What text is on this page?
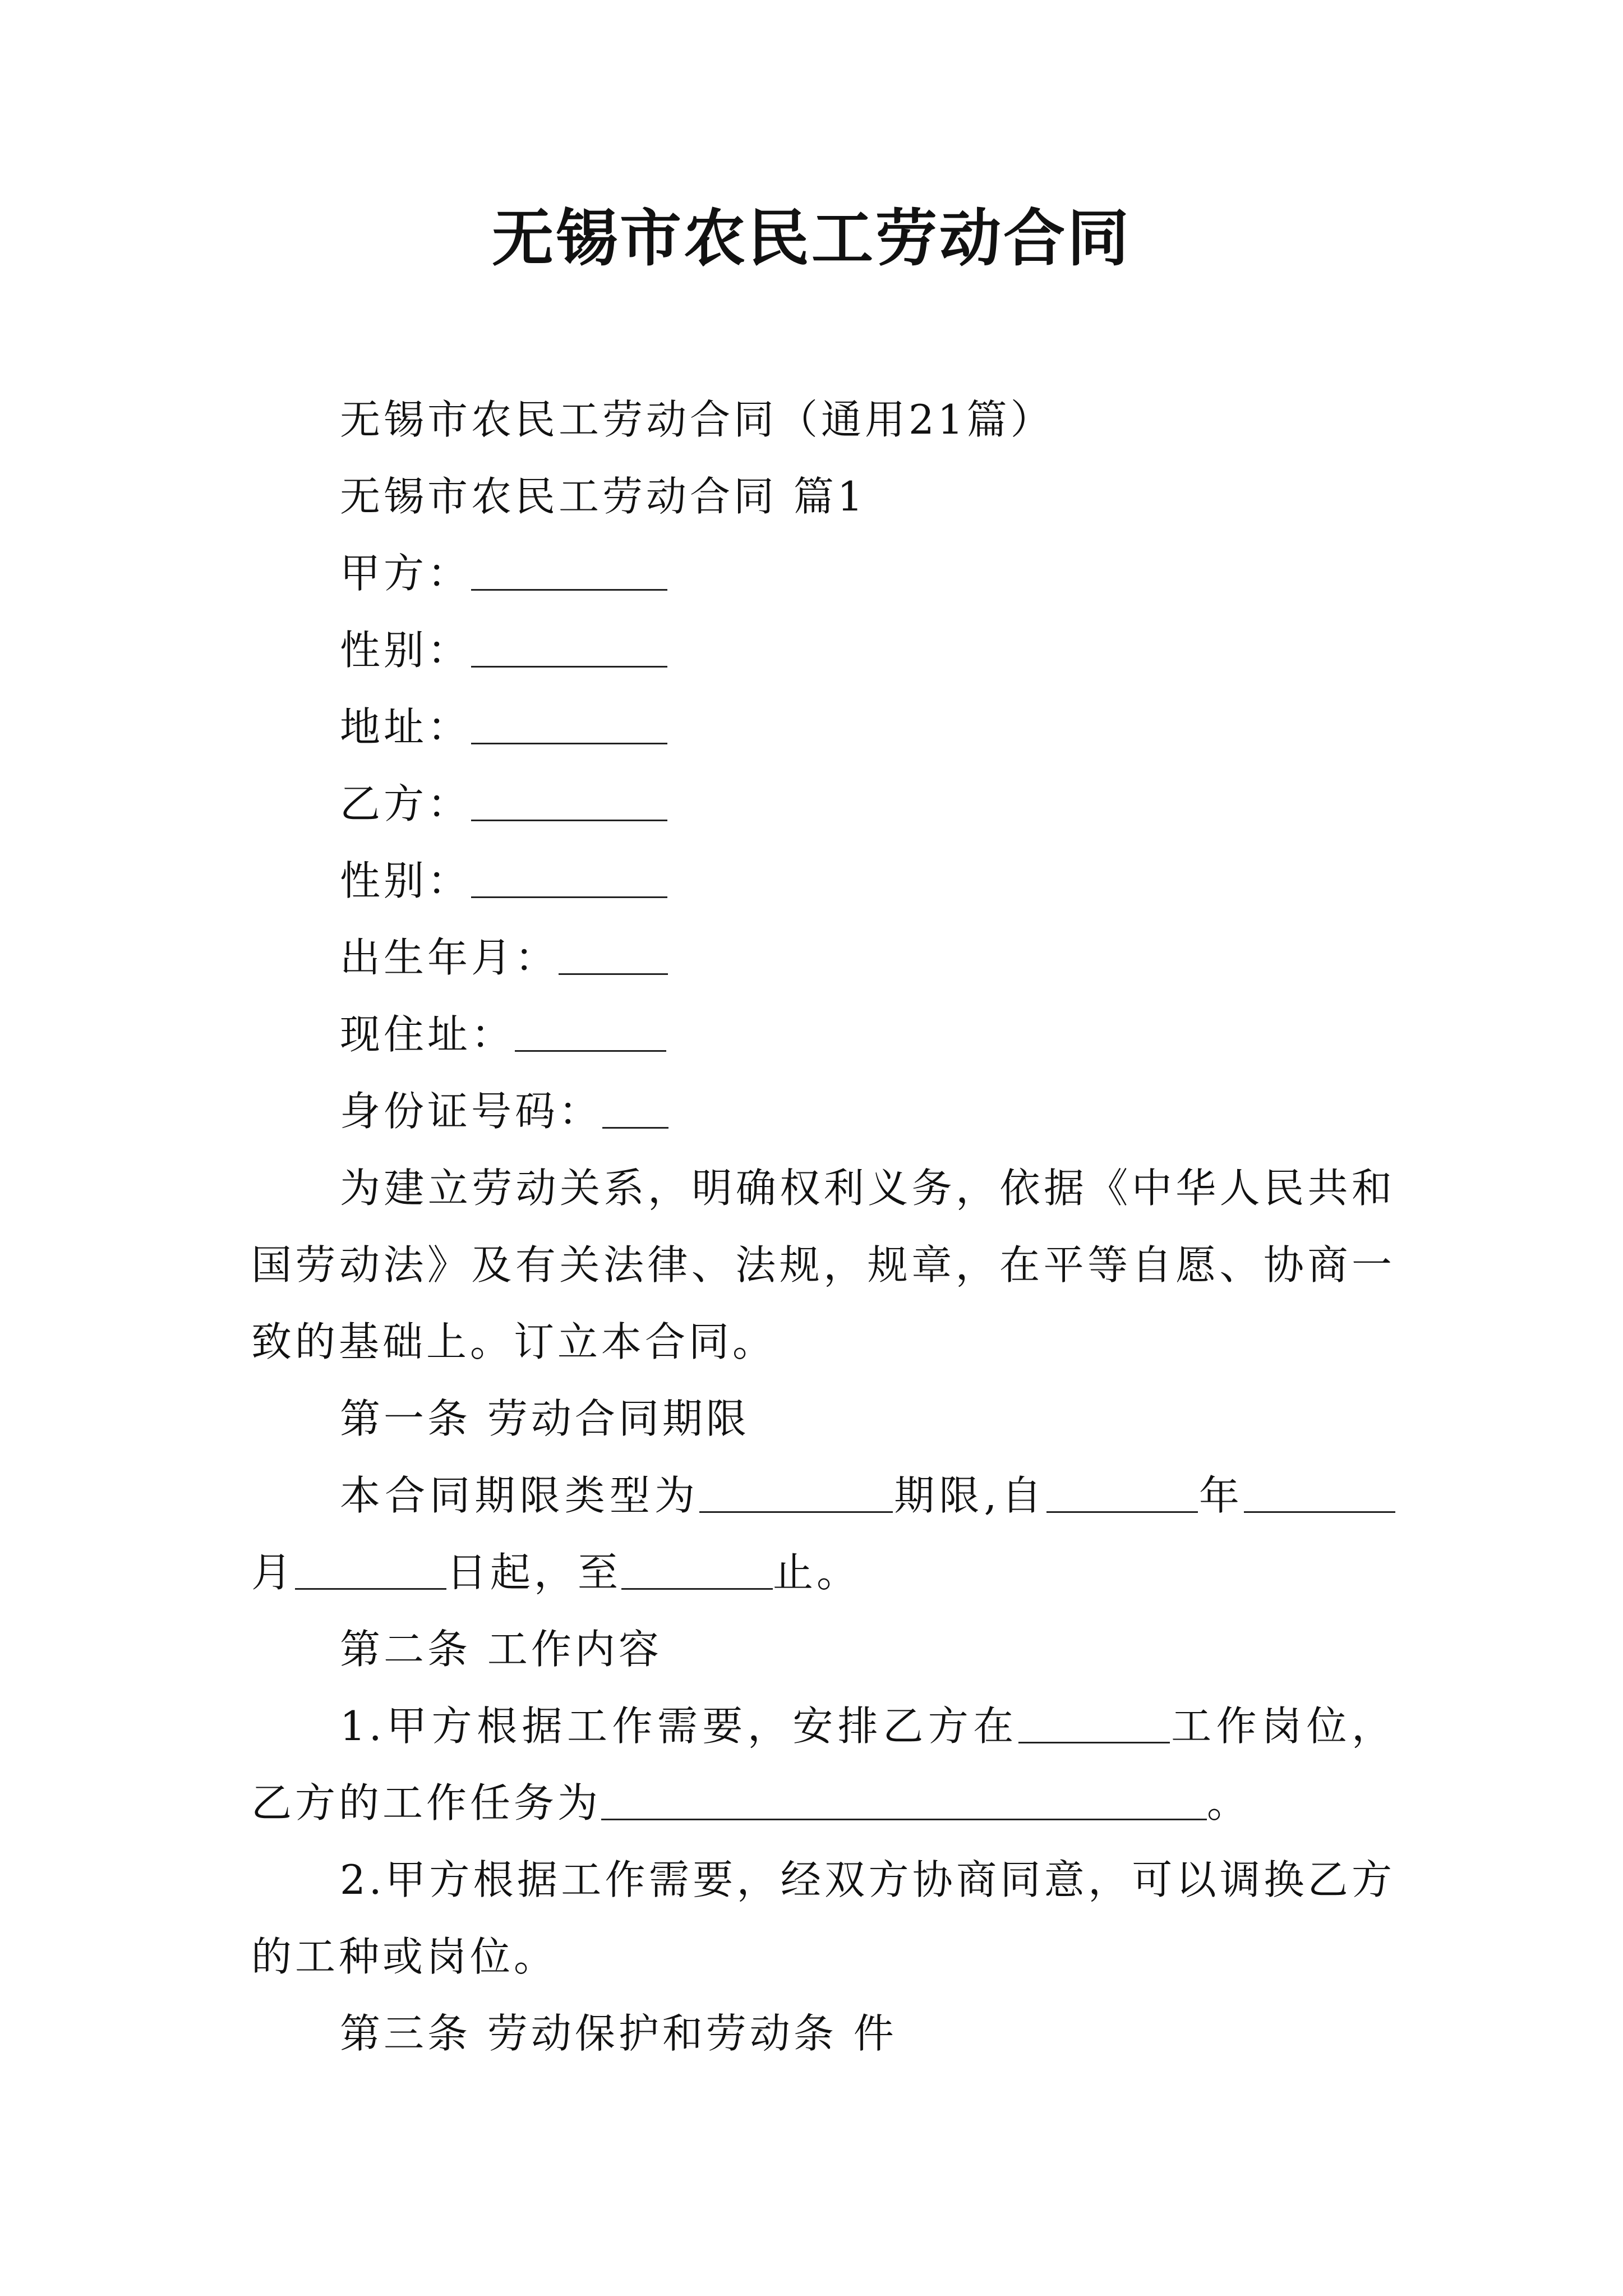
无锡市农民工劳动合同

无锡市农民工劳动合同（通用21篇）

无锡市农民工劳动合同 篇1

甲方：

性别：

地址：

乙方：

性别：

出生年月：

现住址：

身份证号码：

为建立劳动关系，明确权利义务，依据《中华人民共和国劳动法》及有关法律、法规，规章，在平等自愿、协商一致的基础上。订立本合同。

第一条 劳动合同期限

本合同期限类型为	期限,自	年月	日起，至	止。

第二条 工作内容

1.甲方根据工作需要，安排乙方在	工作岗位，乙方的工作任务为	。

2.甲方根据工作需要，经双方协商同意，可以调换乙方的工种或岗位。

第三条 劳动保护和劳动条 件
